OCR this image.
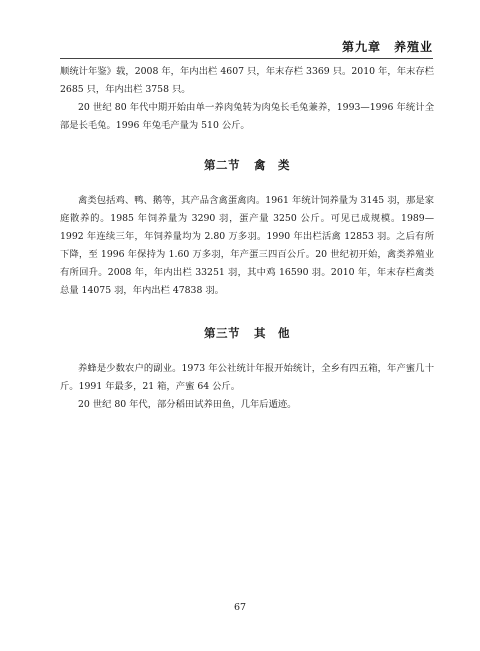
第九章　养殖业

顺统计年鉴》载，2008 年，年内出栏 4607 只，年末存栏 3369 只。2010 年，年末存栏 2685 只，年内出栏 3758 只。

20 世纪 80 年代中期开始由单一养肉兔转为肉兔长毛兔兼养，1993—1996 年统计全部是长毛兔。1996 年兔毛产量为 510 公斤。

第二节 禽　类

禽类包括鸡、鸭、鹅等，其产品含禽蛋禽肉。1961 年统计饲养量为 3145 羽，那是家庭散养的。1985 年饲养量为 3290 羽，蛋产量 3250 公斤。可见已成规模。1989—1992 年连续三年，年饲养量均为 2.80 万多羽。1990 年出栏活禽 12853 羽。之后有所下降，至 1996 年保持为 1.60 万多羽，年产蛋三四百公斤。20 世纪初开始，禽类养殖业有所回升。2008 年，年内出栏 33251 羽，其中鸡 16590 羽。2010 年，年末存栏禽类总量 14075 羽，年内出栏 47838 羽。

第三节 其　他

养蜂是少数农户的副业。1973 年公社统计年报开始统计，全乡有四五箱，年产蜜几十斤。1991 年最多，21 箱，产蜜 64 公斤。

20 世纪 80 年代，部分稻田试养田鱼，几年后遁迹。

67
